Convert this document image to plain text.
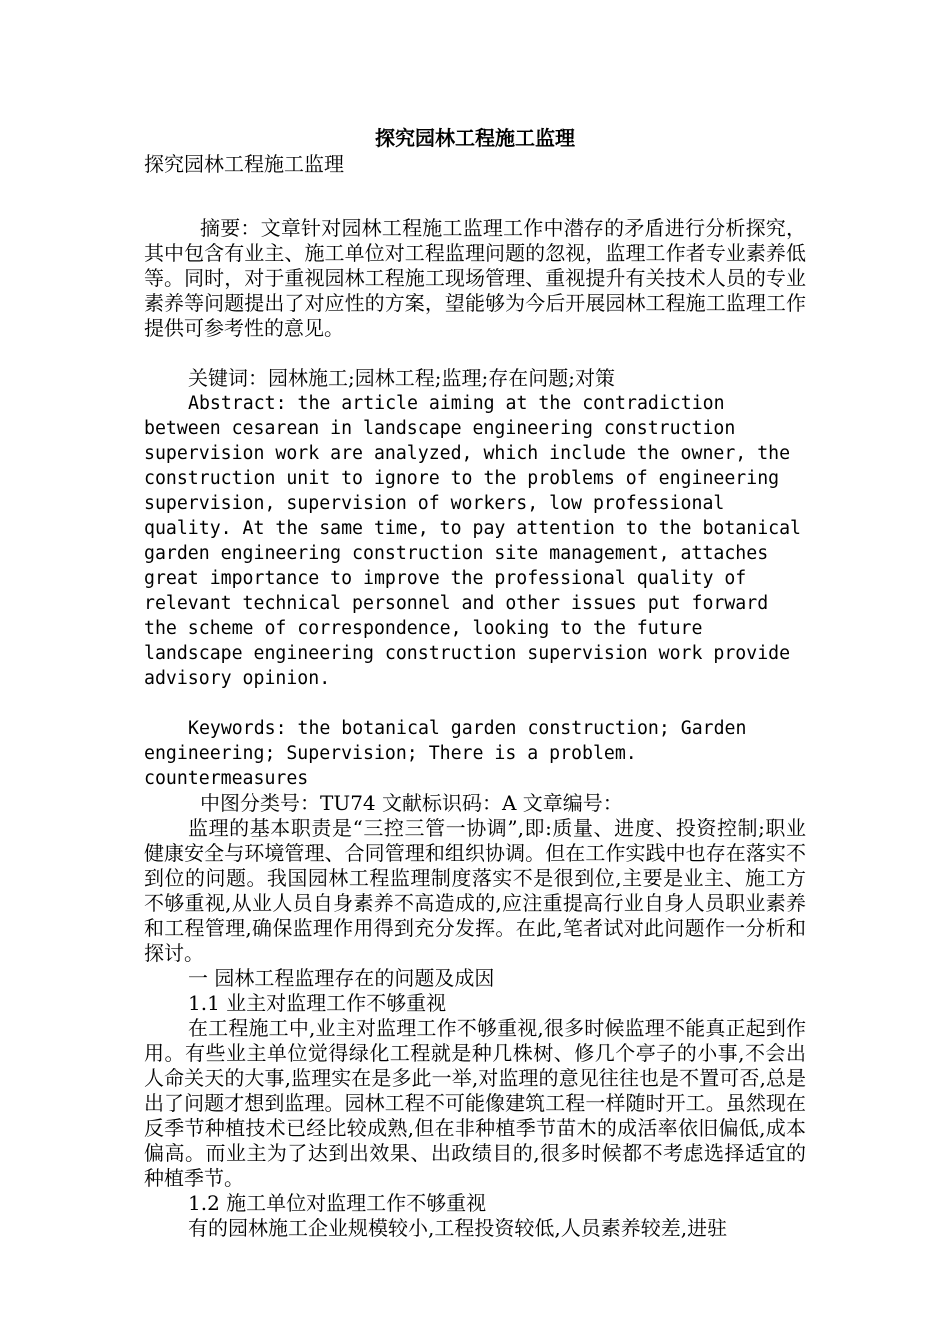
探究园林工程施工监理

探究园林工程施工监理

摘要：文章针对园林工程施工监理工作中潜存的矛盾进行分析探究，其中包含有业主、施工单位对工程监理问题的忽视，监理工作者专业素养低等。同时，对于重视园林工程施工现场管理、重视提升有关技术人员的专业素养等问题提出了对应性的方案，望能够为今后开展园林工程施工监理工作提供可参考性的意见。

关键词：园林施工;园林工程;监理;存在问题;对策

Abstract: the article aiming at the contradiction between cesarean in landscape engineering construction supervision work are analyzed, which include the owner, the construction unit to ignore to the problems of engineering supervision, supervision of workers, low professional quality. At the same time, to pay attention to the botanical garden engineering construction site management, attaches great importance to improve the professional quality of relevant technical personnel and other issues put forward the scheme of correspondence, looking to the future landscape engineering construction supervision work provide advisory opinion.

Keywords: the botanical garden construction; Garden engineering; Supervision; There is a problem. countermeasures

中图分类号：TU74 文献标识码：A 文章编号：

监理的基本职责是“三控三管一协调”,即:质量、进度、投资控制;职业健康安全与环境管理、合同管理和组织协调。但在工作实践中也存在落实不到位的问题。我国园林工程监理制度落实不是很到位,主要是业主、施工方不够重视,从业人员自身素养不高造成的,应注重提高行业自身人员职业素养和工程管理,确保监理作用得到充分发挥。在此,笔者试对此问题作一分析和探讨。

一 园林工程监理存在的问题及成因

1.1 业主对监理工作不够重视

在工程施工中,业主对监理工作不够重视,很多时候监理不能真正起到作用。有些业主单位觉得绿化工程就是种几株树、修几个亭子的小事,不会出人命关天的大事,监理实在是多此一举,对监理的意见往往也是不置可否,总是出了问题才想到监理。园林工程不可能像建筑工程一样随时开工。虽然现在反季节种植技术已经比较成熟,但在非种植季节苗木的成活率依旧偏低,成本偏高。而业主为了达到出效果、出政绩目的,很多时候都不考虑选择适宜的种植季节。

1.2 施工单位对监理工作不够重视

有的园林施工企业规模较小,工程投资较低,人员素养较差,进驻
